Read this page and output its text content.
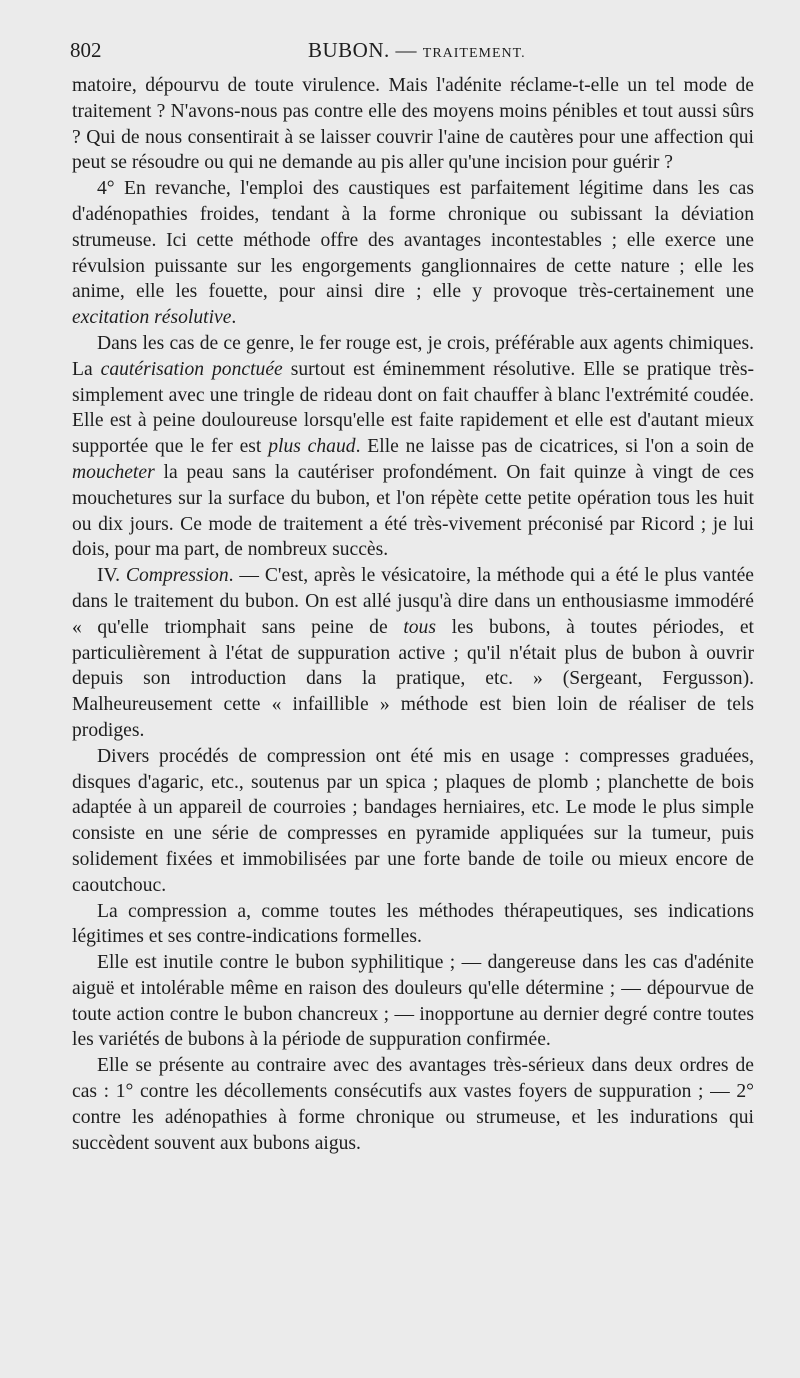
802	BUBON. — TRAITEMENT.

matoire, dépourvu de toute virulence. Mais l'adénite réclame-t-elle un tel mode de traitement ? N'avons-nous pas contre elle des moyens moins pénibles et tout aussi sûrs ? Qui de nous consentirait à se laisser couvrir l'aine de cautères pour une affection qui peut se résoudre ou qui ne demande au pis aller qu'une incision pour guérir ?

4° En revanche, l'emploi des caustiques est parfaitement légitime dans les cas d'adénopathies froides, tendant à la forme chronique ou subissant la déviation strumeuse. Ici cette méthode offre des avantages incontestables ; elle exerce une révulsion puissante sur les engorgements ganglionnaires de cette nature ; elle les anime, elle les fouette, pour ainsi dire ; elle y provoque très-certainement une excitation résolutive.

Dans les cas de ce genre, le fer rouge est, je crois, préférable aux agents chimiques. La cautérisation ponctuée surtout est éminemment résolutive. Elle se pratique très-simplement avec une tringle de rideau dont on fait chauffer à blanc l'extrémité coudée. Elle est à peine douloureuse lorsqu'elle est faite rapidement et elle est d'autant mieux supportée que le fer est plus chaud. Elle ne laisse pas de cicatrices, si l'on a soin de moucheter la peau sans la cautériser profondément. On fait quinze à vingt de ces mouchetures sur la surface du bubon, et l'on répète cette petite opération tous les huit ou dix jours. Ce mode de traitement a été très-vivement préconisé par Ricord ; je lui dois, pour ma part, de nombreux succès.

IV. Compression. — C'est, après le vésicatoire, la méthode qui a été le plus vantée dans le traitement du bubon. On est allé jusqu'à dire dans un enthousiasme immodéré « qu'elle triomphait sans peine de tous les bubons, à toutes périodes, et particulièrement à l'état de suppuration active ; qu'il n'était plus de bubon à ouvrir depuis son introduction dans la pratique, etc. » (Sergeant, Fergusson). Malheureusement cette « infaillible » méthode est bien loin de réaliser de tels prodiges.

Divers procédés de compression ont été mis en usage : compresses graduées, disques d'agaric, etc., soutenus par un spica ; plaques de plomb ; planchette de bois adaptée à un appareil de courroies ; bandages herniaires, etc. Le mode le plus simple consiste en une série de compresses en pyramide appliquées sur la tumeur, puis solidement fixées et immobilisées par une forte bande de toile ou mieux encore de caoutchouc.

La compression a, comme toutes les méthodes thérapeutiques, ses indications légitimes et ses contre-indications formelles.

Elle est inutile contre le bubon syphilitique ; — dangereuse dans les cas d'adénite aiguë et intolérable même en raison des douleurs qu'elle détermine ; — dépourvue de toute action contre le bubon chancreux ; — inopportune au dernier degré contre toutes les variétés de bubons à la période de suppuration confirmée.

Elle se présente au contraire avec des avantages très-sérieux dans deux ordres de cas : 1° contre les décollements consécutifs aux vastes foyers de suppuration ; — 2° contre les adénopathies à forme chronique ou strumeuse, et les indurations qui succèdent souvent aux bubons aigus.
